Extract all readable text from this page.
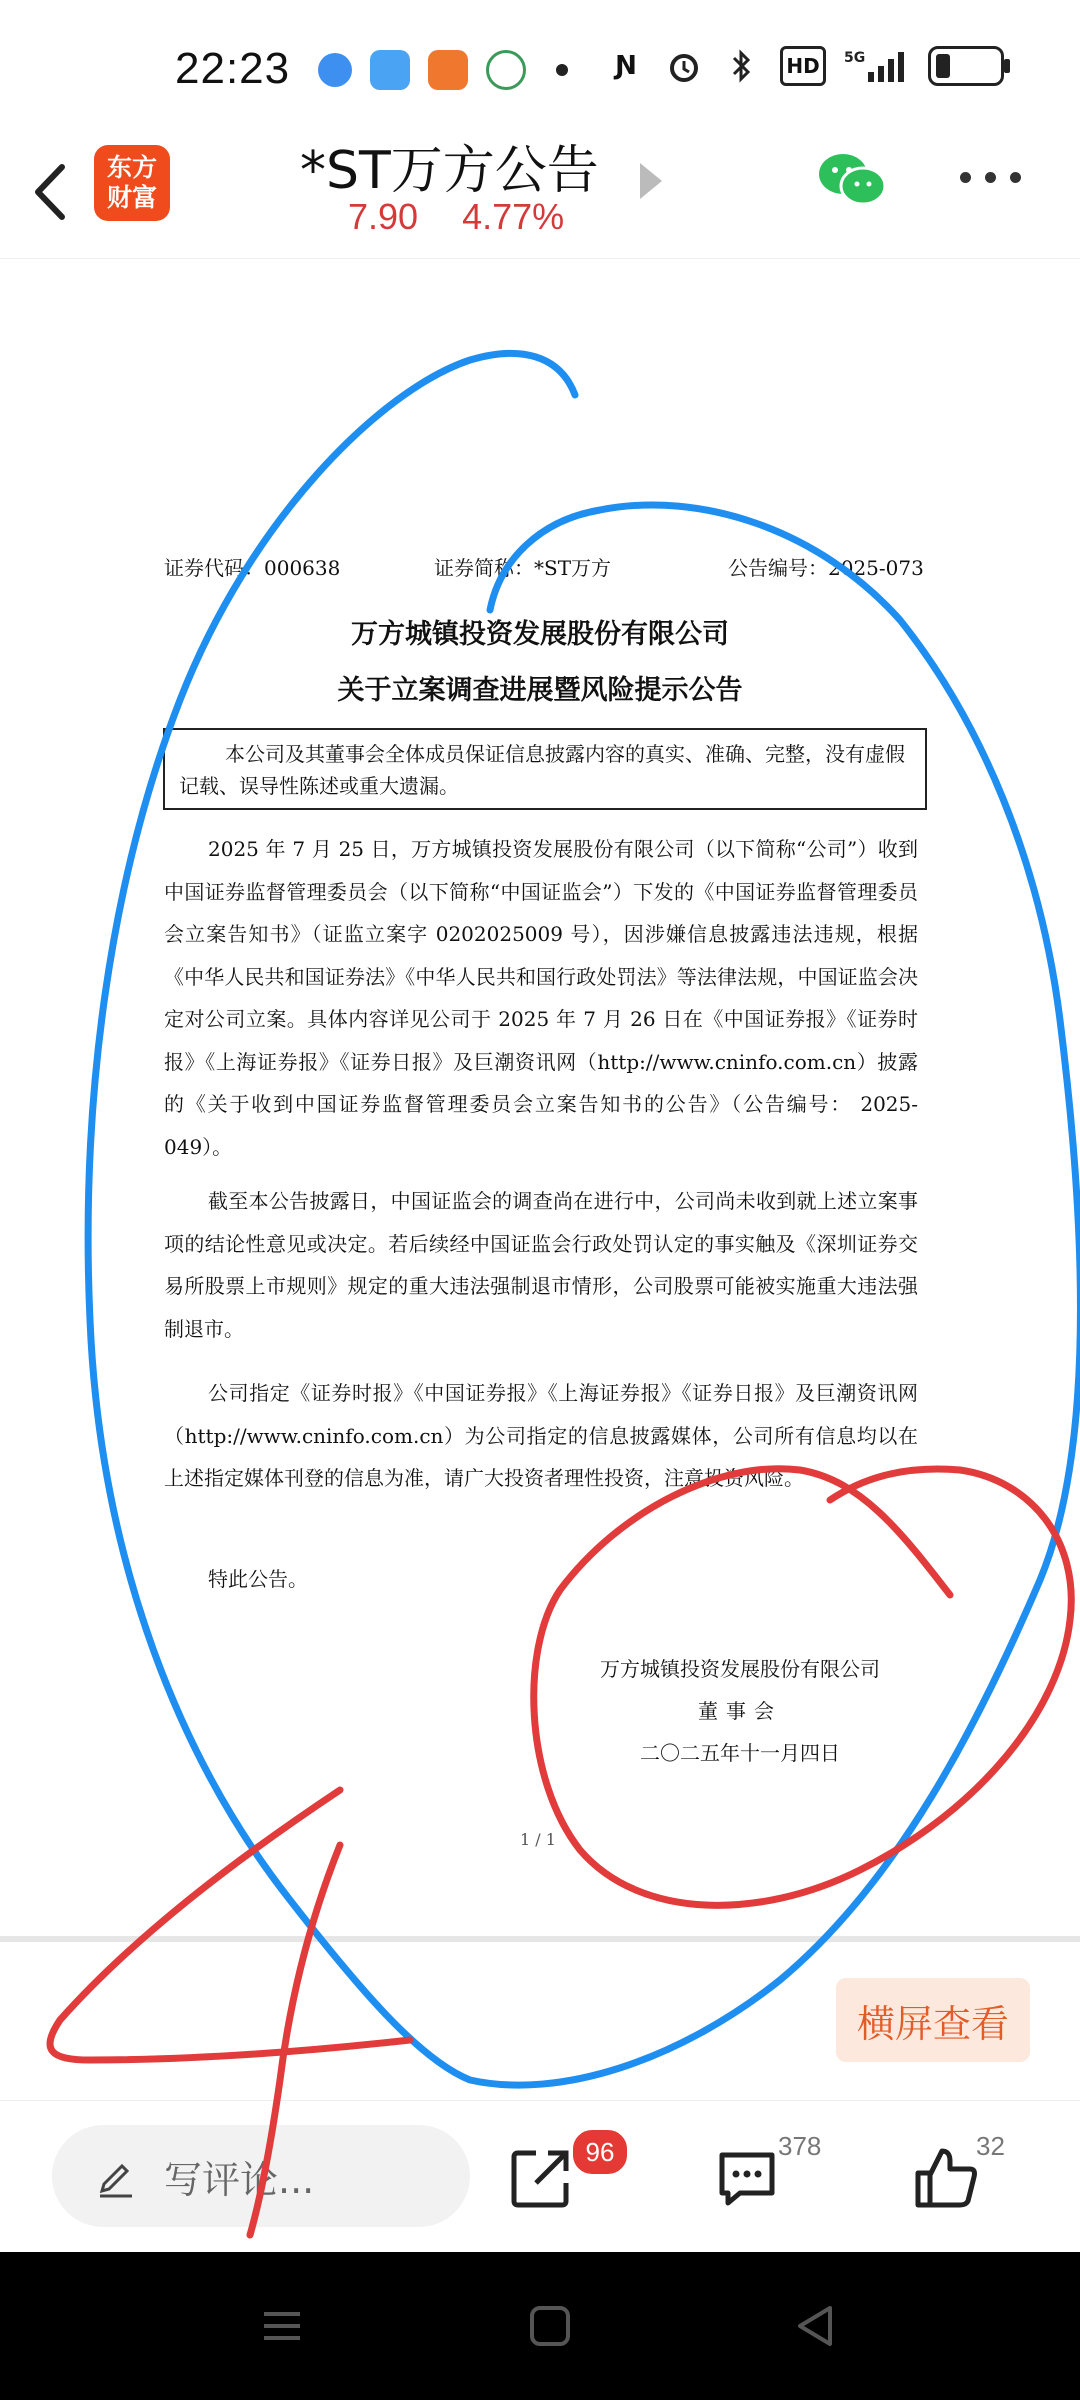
22:23	Ɲ	HD	5G
东方
财富	*ST万方公告
7.90 4.77%
证券代码：000638	证券简称：*ST万方	公告编号：2025-073
万方城镇投资发展股份有限公司
关于立案调查进展暨风险提示公告
本公司及其董事会全体成员保证信息披露内容的真实、准确、完整，没有虚假记载、误导性陈述或重大遗漏。
2025 年 7 月 25 日，万方城镇投资发展股份有限公司（以下简称“公司”）收到中国证券监督管理委员会（以下简称“中国证监会”）下发的《中国证券监督管理委员会立案告知书》（证监立案字 0202025009 号），因涉嫌信息披露违法违规，根据《中华人民共和国证券法》《中华人民共和国行政处罚法》等法律法规，中国证监会决定对公司立案。具体内容详见公司于 2025 年 7 月 26 日在《中国证券报》《证券时报》《上海证券报》《证券日报》及巨潮资讯网（http://www.cninfo.com.cn）披露的《关于收到中国证券监督管理委员会立案告知书的公告》（公告编号： 2025-049）。
截至本公告披露日，中国证监会的调查尚在进行中，公司尚未收到就上述立案事项的结论性意见或决定。若后续经中国证监会行政处罚认定的事实触及《深圳证券交易所股票上市规则》规定的重大违法强制退市情形，公司股票可能被实施重大违法强制退市。
公司指定《证券时报》《中国证券报》《上海证券报》《证券日报》及巨潮资讯网（http://www.cninfo.com.cn）为公司指定的信息披露媒体，公司所有信息均以在上述指定媒体刊登的信息为准，请广大投资者理性投资，注意投资风险。
特此公告。
万方城镇投资发展股份有限公司
董事会
二〇二五年十一月四日
1 / 1
横屏查看
写评论...
96	378	32
